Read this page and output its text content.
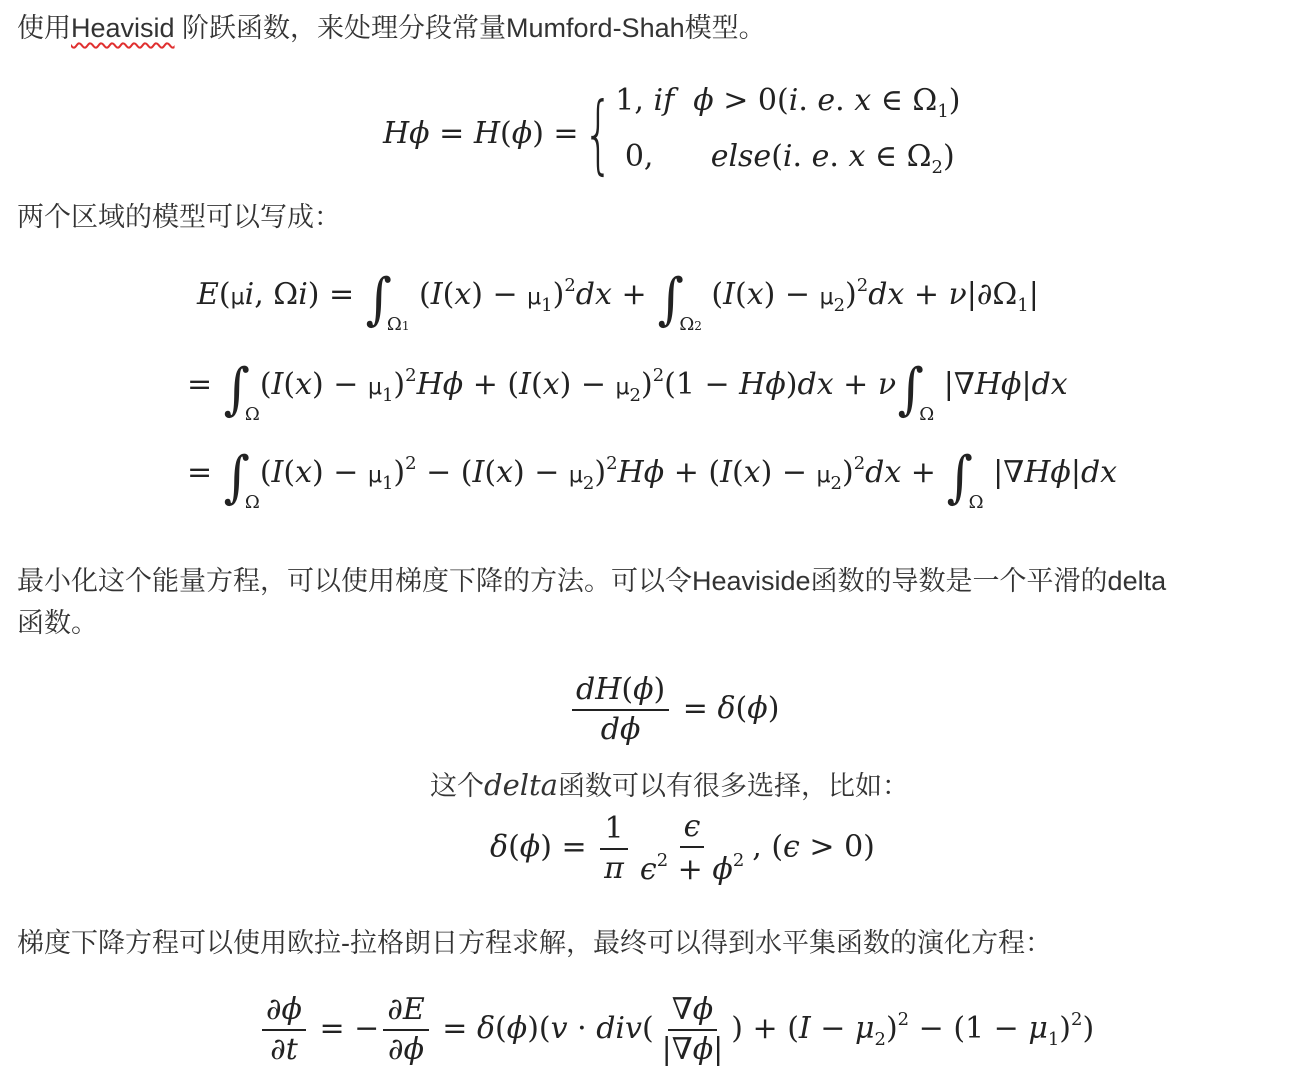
使用Heavisid 阶跃函数，来处理分段常量Mumford-Shah模型。
Hϕ = H(ϕ) ={ 1, if ϕ > 0(i. e. x ∈ $\Omega_1$)
0,      else(i. e. x ∈ $\Omega_2$)
两个区域的模型可以写成：
E(μi, $\Omega i) = \int_{\Omega 1}$ $(I(x) - \mu_1)^2dx + \int_{\Omega 2}$ $(I(x) - \mu_2)^2dx + \nu|\partial\Omega_1|$
= $\int_\Omega(I(x) - \mu_1)^2H\phi + (I(x) - \mu_2)^2(1 - H\phi)dx + \nu\int_\Omega$ |∇Hϕ|dx
= $\int_\Omega(I(x) - \mu_1)^2 - (I(x) - \mu_2)^2H\phi + (I(x) - \mu_2)^2dx + \int_\Omega$ |∇Hϕ|dx
最小化这个能量方程，可以使用梯度下降的方法。可以令Heaviside函数的导数是一个平滑的delta
函数。
$\frac{dH(\phi)}{d\phi} = \delta(\phi)$
这个delta函数可以有很多选择，比如：
$\delta(\phi) = \frac{1}{\pi} \frac{\epsilon}{\epsilon^2 + \phi^2}$ , (ϵ > 0)
梯度下降方程可以使用欧拉-拉格朗日方程求解，最终可以得到水平集函数的演化方程：
$\frac{\partial\phi}{\partial t}$ = − $\frac{\partial E}{\partial\phi} = \delta(\phi)(v \cdot div( \frac{\nabla\phi}{|\nabla\phi|}$ ) + $(I - \mu_2)^2 - (1 - \mu_1)^2$)
